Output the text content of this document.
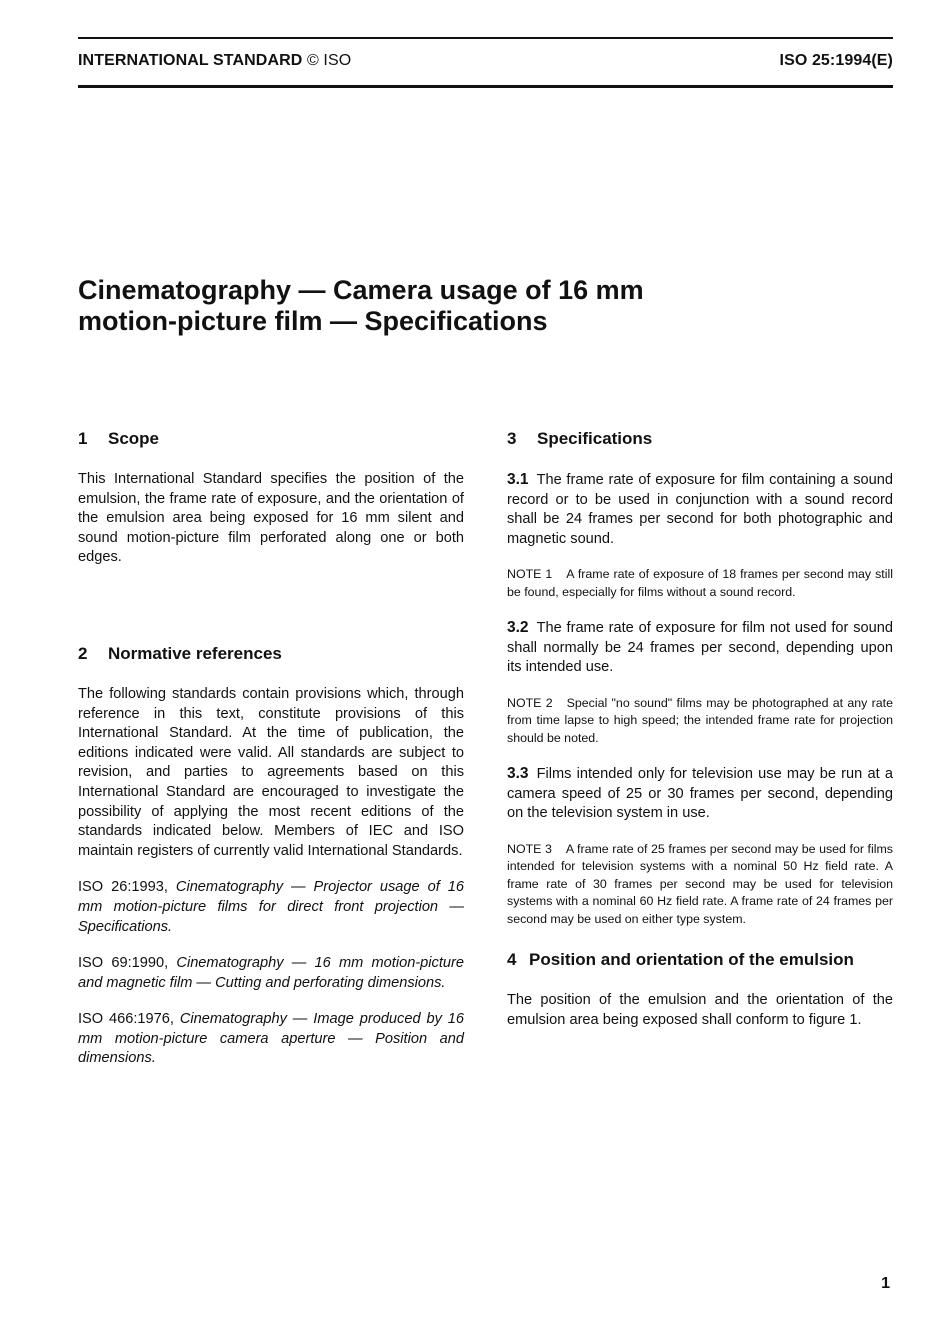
INTERNATIONAL STANDARD © ISO	ISO 25:1994(E)
Cinematography — Camera usage of 16 mm
motion-picture film — Specifications
1 Scope

This International Standard specifies the position of the emulsion, the frame rate of exposure, and the orientation of the emulsion area being exposed for 16 mm silent and sound motion-picture film perforated along one or both edges.

2 Normative references

The following standards contain provisions which, through reference in this text, constitute provisions of this International Standard. At the time of publication, the editions indicated were valid. All standards are subject to revision, and parties to agreements based on this International Standard are encouraged to investigate the possibility of applying the most recent editions of the standards indicated below. Members of IEC and ISO maintain registers of currently valid International Standards.

ISO 26:1993, Cinematography — Projector usage of 16 mm motion-picture films for direct front projection — Specifications.

ISO 69:1990, Cinematography — 16 mm motion-picture and magnetic film — Cutting and perforating dimensions.

ISO 466:1976, Cinematography — Image produced by 16 mm motion-picture camera aperture — Position and dimensions.

3 Specifications

3.1 The frame rate of exposure for film containing a sound record or to be used in conjunction with a sound record shall be 24 frames per second for both photographic and magnetic sound.

NOTE 1 A frame rate of exposure of 18 frames per second may still be found, especially for films without a sound record.

3.2 The frame rate of exposure for film not used for sound shall normally be 24 frames per second, depending upon its intended use.

NOTE 2 Special "no sound" films may be photographed at any rate from time lapse to high speed; the intended frame rate for projection should be noted.

3.3 Films intended only for television use may be run at a camera speed of 25 or 30 frames per second, depending on the television system in use.

NOTE 3 A frame rate of 25 frames per second may be used for films intended for television systems with a nominal 50 Hz field rate. A frame rate of 30 frames per second may be used for television systems with a nominal 60 Hz field rate. A frame rate of 24 frames per second may be used on either type system.

4 Position and orientation of the emulsion

The position of the emulsion and the orientation of the emulsion area being exposed shall conform to figure 1.

1
